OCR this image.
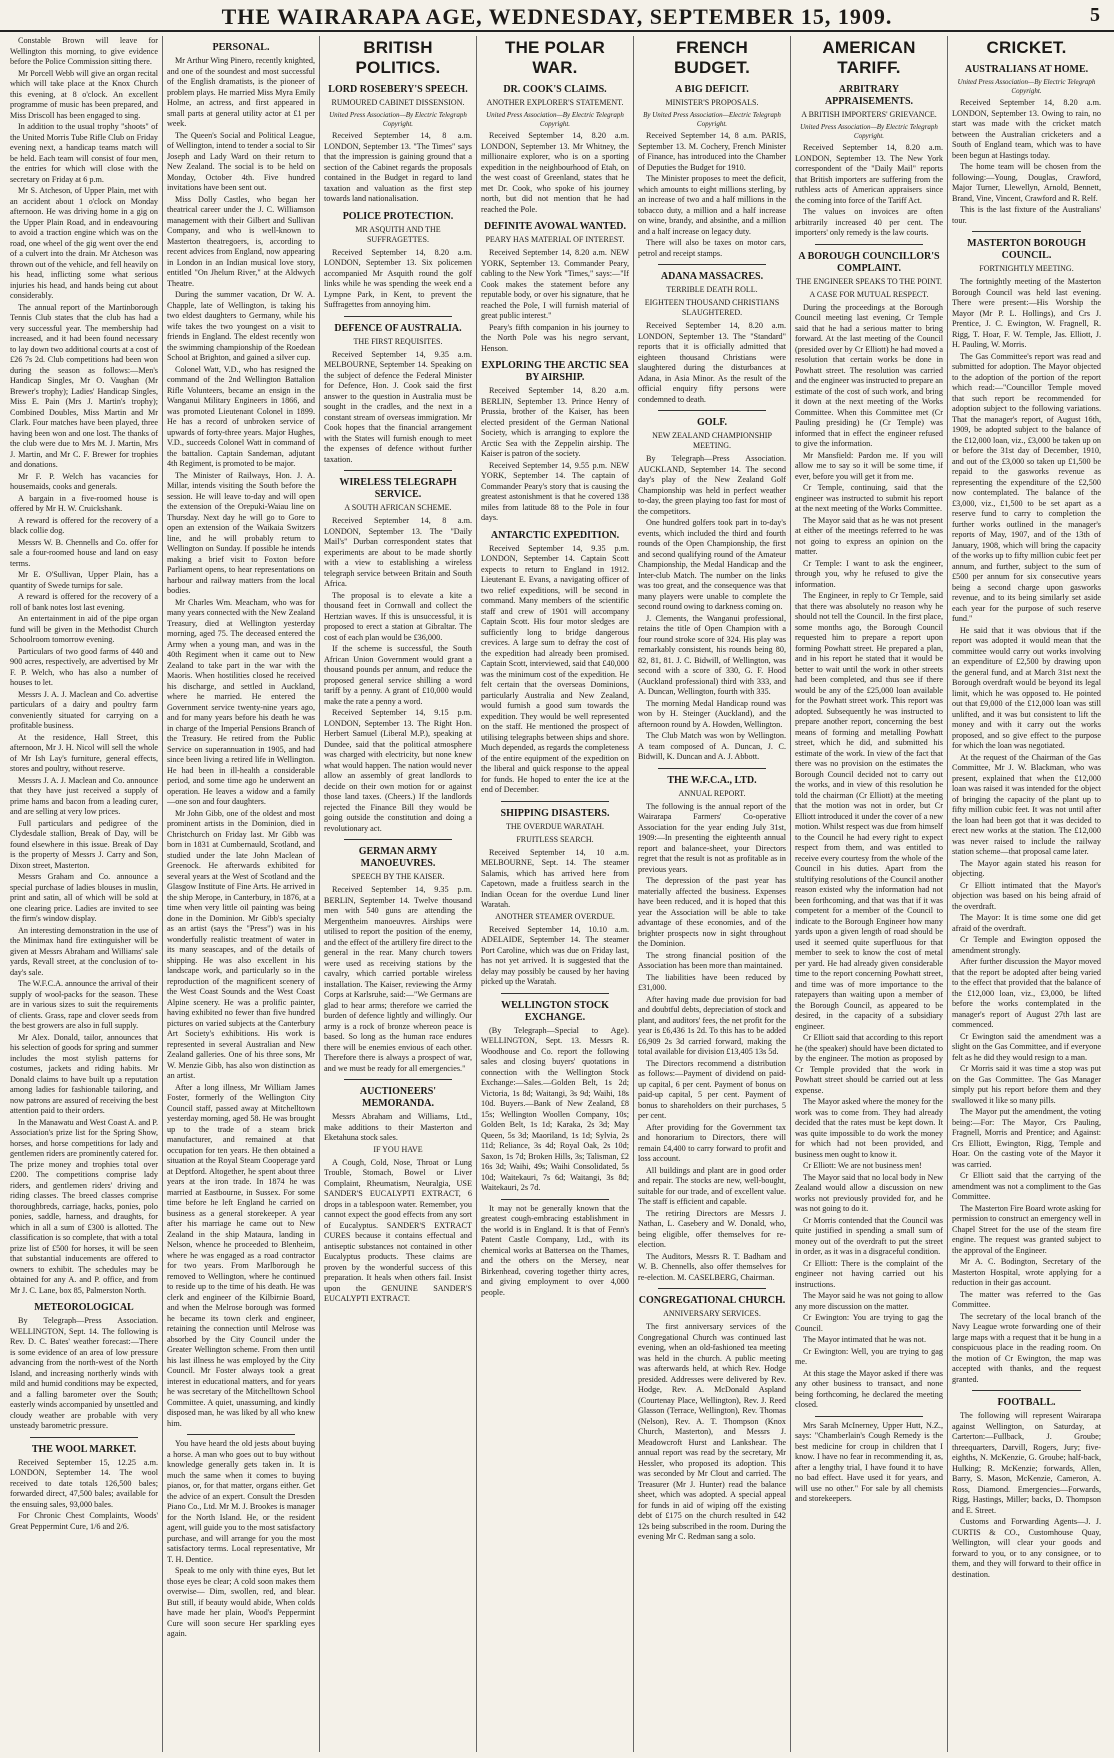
THE WAIRARAPA AGE, WEDNESDAY, SEPTEMBER 15, 1909.	5

Constable Brown will leave for Wellington this morning, to give evidence before the Police Commission sitting there.

Mr Porcell Webb will give an organ recital which will take place at the Knox Church this evening, at 8 o'clock. An excellent programme of music has been prepared, and Miss Driscoll has been engaged to sing.

In addition to the usual trophy "shoots" of the United Morris Tube Rifle Club on Friday evening next, a handicap teams match will be held. Each team will consist of four men, the entries for which will close with the secretary on Friday at 6 p.m.

Mr S. Atcheson, of Upper Plain, met with an accident about 1 o'clock on Monday afternoon. He was driving home in a gig on the Upper Plain Road, and in endeavouring to avoid a traction engine which was on the road, one wheel of the gig went over the end of a culvert into the drain. Mr Atcheson was thrown out of the vehicle, and fell heavily on his head, inflicting some what serious injuries his head, and hands being cut about considerably.

The annual report of the Martinborough Tennis Club states that the club has had a very successful year. The membership had increased, and it had been found necessary to lay down two additional courts at a cost of £26 7s 2d. Club competitions had been won during the season as follows:—Men's Handicap Singles, Mr O. Vaughan (Mr Brewer's trophy); Ladies' Handicap Singles, Miss E. Pain (Mrs J. Martin's trophy); Combined Doubles, Miss Martin and Mr Clark. Four matches have been played, three having been won and one lost. The thanks of the club were due to Mrs M. J. Martin, Mrs J. Martin, and Mr C. F. Brewer for trophies and donations.

Mr F. P. Welch has vacancies for housemaids, cooks and generals.

A bargain in a five-roomed house is offered by Mr H. W. Cruickshank.

A reward is offered for the recovery of a black collie dog.

Messrs W. B. Chennells and Co. offer for sale a four-roomed house and land on easy terms.

Mr E. O'Sullivan, Upper Plain, has a quantity of Swede turnips for sale.

A reward is offered for the recovery of a roll of bank notes lost last evening.

An entertainment in aid of the pipe organ fund will be given in the Methodist Church Schoolroom tomorrow evening.

Particulars of two good farms of 440 and 900 acres, respectively, are advertised by Mr F. P. Welch, who has also a number of houses to let.

Messrs J. A. J. Maclean and Co. advertise particulars of a dairy and poultry farm conveniently situated for carrying on a profitable business.

At the residence, Hall Street, this afternoon, Mr J. H. Nicol will sell the whole of Mr Ish Lay's furniture, general effects, stores and poultry, without reserve.

Messrs J. A. J. Maclean and Co. announce that they have just received a supply of prime hams and bacon from a leading curer, and are selling at very low prices.

Full particulars and pedigree of the Clydesdale stallion, Break of Day, will be found elsewhere in this issue. Break of Day is the property of Messrs J. Carry and Son, Dixon street, Masterton.

Messrs Graham and Co. announce a special purchase of ladies blouses in muslin, print and satin, all of which will be sold at one clearing price. Ladies are invited to see the firm's window display.

An interesting demonstration in the use of the Minimax hand fire extinguisher will be given at Messrs Abraham and Williams' sale yards, Revall street, at the conclusion of to-day's sale.

The W.F.C.A. announce the arrival of their supply of wool-packs for the season. These are in various sizes to suit the requirements of clients. Grass, rape and clover seeds from the best growers are also in full supply.

Mr Alex. Donald, tailor, announces that his selection of goods for spring and summer includes the most stylish patterns for costumes, jackets and riding habits. Mr Donald claims to have built up a reputation among ladies for fashionable tailoring, and now patrons are assured of receiving the best attention paid to their orders.

In the Manawatu and West Coast A. and P. Association's prize list for the Spring Show, horses, and horse competitions for lady and gentlemen riders are prominently catered for. The prize money and trophies total over £200. The competitions comprise lady riders, and gentlemen riders' driving and riding classes. The breed classes comprise thoroughbreds, carriage, hacks, ponies, polo ponies, saddle, harness, and draughts, for which in all a sum of £300 is allotted. The classification is so complete, that with a total prize list of £500 for horses, it will be seen that substantial inducements are offered to owners to exhibit. The schedules may be obtained for any A. and P. office, and from Mr J. C. Lane, box 85, Palmerston North.

METEOROLOGICAL

By Telegraph—Press Association. WELLINGTON, Sept. 14. The following is Rev. D. C. Bates' weather forecast:—There is some evidence of an area of low pressure advancing from the north-west of the North Island, and increasing northerly winds with mild and humid conditions may be expected, and a falling barometer over the South; easterly winds accompanied by unsettled and cloudy weather are probable with very unsteady barometric pressure.

THE WOOL MARKET.

Received September 15, 12.25 a.m. LONDON, September 14. The wool received to date totals 126,500 bales; forwarded direct, 47,500 bales; available for the ensuing sales, 93,000 bales.

For Chronic Chest Complaints, Woods' Great Peppermint Cure, 1/6 and 2/6.

PERSONAL.

Mr Arthur Wing Pinero, recently knighted, and one of the soundest and most successful of the English dramatists, is the pioneer of problem plays. He married Miss Myra Emily Holme, an actress, and first appeared in small parts at general utility actor at £1 per week.

The Queen's Social and Political League, of Wellington, intend to tender a social to Sir Joseph and Lady Ward on their return to New Zealand. The social is to be held on Monday, October 4th. Five hundred invitations have been sent out.

Miss Dolly Castles, who began her theatrical career under the J. C. Williamson management with their Gilbert and Sullivan Company, and who is well-known to Masterton theatregoers, is, according to recent advices from England, now appearing in London in an Indian musical love story, entitled "On Jhelum River," at the Aldwych Theatre.

During the summer vacation, Dr W. A. Chapple, late of Wellington, is taking his two eldest daughters to Germany, while his wife takes the two youngest on a visit to friends in England. The eldest recently won the swimming championship of the Roedean School at Brighton, and gained a silver cup.

Colonel Watt, V.D., who has resigned the command of the 2nd Wellington Battalion Rifle Volunteers, became an ensign in the Wanganui Military Engineers in 1866, and was promoted Lieutenant Colonel in 1899. He has a record of unbroken service of upwards of forty-three years. Major Hughes, V.D., succeeds Colonel Watt in command of the battalion. Captain Sandeman, adjutant 4th Regiment, is promoted to be major.

The Minister of Railways, Hon. J. A. Millar, intends visiting the South before the session. He will leave to-day and will open the extension of the Orepuki-Waiau line on Thursday. Next day he will go to Gore to open an extension of the Waikaia Switzers line, and he will probably return to Wellington on Sunday. If possible he intends making a brief visit to Foxton before Parliament opens, to hear representations on harbour and railway matters from the local bodies.

Mr Charles Wm. Meacham, who was for many years connected with the New Zealand Treasury, died at Wellington yesterday morning, aged 75. The deceased entered the Army when a young man, and was in the 40th Regiment when it came out to New Zealand to take part in the war with the Maoris. When hostilities closed he received his discharge, and settled in Auckland, where he married. He entered the Government service twenty-nine years ago, and for many years before his death he was in charge of the Imperial Pensions Branch of the Treasury. He retired from the Public Service on superannuation in 1905, and had since been living a retired life in Wellington. He had been in ill-health a considerable period, and some time ago he underwent an operation. He leaves a widow and a family—one son and four daughters.

Mr John Gibb, one of the oldest and most prominent artists in the Dominion, died in Christchurch on Friday last. Mr Gibb was born in 1831 at Cumbernauld, Scotland, and studied under the late John Maclean of Greenock. He afterwards exhibited for several years at the West of Scotland and the Glasgow Institute of Fine Arts. He arrived in the ship Merope, in Canterbury, in 1876, at a time when very little oil painting was being done in the Dominion. Mr Gibb's specialty as an artist (says the "Press") was in his wonderfully realistic treatment of water in its many seascapes, and of the details of shipping. He was also excellent in his landscape work, and particularly so in the reproduction of the magnificent scenery of the West Coast Sounds and the West Coast Alpine scenery. He was a prolific painter, having exhibited no fewer than five hundred pictures on varied subjects at the Canterbury Art Society's exhibitions. His work is represented in several Australian and New Zealand galleries. One of his three sons, Mr W. Menzie Gibb, has also won distinction as an artist.

After a long illness, Mr William James Foster, formerly of the Wellington City Council staff, passed away at Mitchelltown yesterday morning, aged 58. He was brought up to the trade of a steam brick manufacturer, and remained at that occupation for ten years. He then obtained a situation at the Royal Steam Cooperage yard at Deptford. Altogether, he spent about three years at the iron trade. In 1874 he was married at Eastbourne, in Sussex. For some time before he left England he carried on business as a general storekeeper. A year after his marriage he came out to New Zealand in the ship Mataura, landing in Nelson, whence he proceeded to Blenheim, where he was engaged as a road contractor for two years. From Marlborough he removed to Wellington, where he continued to reside up to the time of his death. He was clerk and engineer of the Kilbirnie Board, and when the Melrose borough was formed he became its town clerk and engineer, retaining the connection until Melrose was absorbed by the City Council under the Greater Wellington scheme. From then until his last illness he was employed by the City Council. Mr Foster always took a great interest in educational matters, and for years he was secretary of the Mitchelltown School Committee. A quiet, unassuming, and kindly disposed man, he was liked by all who knew him.

You have heard the old jests about buying a horse. A man who goes out to buy without knowledge generally gets taken in. It is much the same when it comes to buying pianos, or, for that matter, organs either. Get the advice of an expert. Consult the Dresden Piano Co., Ltd. Mr M. J. Brookes is manager for the North Island. He, or the resident agent, will guide you to the most satisfactory purchase, and will arrange for you the most satisfactory terms. Local representative, Mr T. H. Dentice.

Speak to me only with thine eyes, But let those eyes be clear; A cold soon makes them overwise— Dim, swollen, red, and blear. But still, if beauty would abide, When colds have made her plain, Wood's Peppermint Cure will soon secure Her sparkling eyes again.

BRITISH POLITICS.
LORD ROSEBERY'S SPEECH.
RUMOURED CABINET DISSENSION.
United Press Association—By Electric Telegraph Copyright.

Received September 14, 8 a.m. LONDON, September 13. "The Times" says that the impression is gaining ground that a section of the Cabinet regards the proposals contained in the Budget in regard to land taxation and valuation as the first step towards land nationalisation.

POLICE PROTECTION.
MR ASQUITH AND THE SUFFRAGETTES.

Received September 14, 8.20 a.m. LONDON, September 13. Six policemen accompanied Mr Asquith round the golf links while he was spending the week end a Lympne Park, in Kent, to prevent the Suffragettes from annoying him.

DEFENCE OF AUSTRALIA.
THE FIRST REQUISITES.

Received September 14, 9.35 a.m. MELBOURNE, September 14. Speaking on the subject of defence the Federal Minister for Defence, Hon. J. Cook said the first answer to the question in Australia must be sought in the cradles, and the next in a constant stream of overseas immigration. Mr Cook hopes that the financial arrangement with the States will furnish enough to meet the expenses of defence without further taxation.

WIRELESS TELEGRAPH SERVICE.
A SOUTH AFRICAN SCHEME.

Received September 14, 8 a.m. LONDON, September 13. The "Daily Mail's" Durban correspondent states that experiments are about to be made shortly with a view to establishing a wireless telegraph service between Britain and South Africa.

The proposal is to elevate a kite a thousand feet in Cornwall and collect the Hertzian waves. If this is unsuccessful, it is proposed to erect a station at Gibraltar. The cost of each plan would be £36,000.

If the scheme is successful, the South African Union Government would grant a thousand pounds per annum, and reduce the proposed general service shilling a word tariff by a penny. A grant of £10,000 would make the rate a penny a word.

Received September 14, 9.15 p.m. LONDON, September 13. The Right Hon. Herbert Samuel (Liberal M.P.), speaking at Dundee, said that the political atmosphere was charged with electricity, but none knew what would happen. The nation would never allow an assembly of great landlords to decide on their own motion for or against those land taxes. (Cheers.) If the landlords rejected the Finance Bill they would be going outside the constitution and doing a revolutionary act.

GERMAN ARMY MANOEUVRES.
SPEECH BY THE KAISER.

Received September 14, 9.35 p.m. BERLIN, September 14. Twelve thousand men with 540 guns are attending the Mergentheim manoeuvres. Airships were utilised to report the position of the enemy, and the effect of the artillery fire direct to the general in the rear. Many church towers were used as receiving stations by the cavalry, which carried portable wireless installation. The Kaiser, reviewing the Army Corps at Karlsruhe, said:—"We Germans are glad to hear arms; therefore we carried the burden of defence lightly and willingly. Our army is a rock of bronze whereon peace is based. So long as the human race endures there will be enemies envious of each other. Therefore there is always a prospect of war, and we must be ready for all emergencies."

AUCTIONEERS' MEMORANDA.

Messrs Abraham and Williams, Ltd., make additions to their Masterton and Eketahuna stock sales.

IF YOU HAVE

A Cough, Cold, Nose, Throat or Lung Trouble, Stomach, Bowel or Liver Complaint, Rheumatism, Neuralgia, USE SANDER'S EUCALYPTI EXTRACT, 6 drops in a tablespoon water. Remember, you cannot expect the good effects from any sort of Eucalyptus. SANDER'S EXTRACT CURES because it contains effectual and antiseptic substances not contained in other Eucalyptus products. These claims are proven by the wonderful success of this preparation. It heals when others fail. Insist upon the GENUINE SANDER'S EUCALYPTI EXTRACT.

THE POLAR WAR.
DR. COOK'S CLAIMS.
ANOTHER EXPLORER'S STATEMENT.
United Press Association—By Electric Telegraph Copyright.

Received September 14, 8.20 a.m. LONDON, September 13. Mr Whitney, the millionaire explorer, who is on a sporting expedition in the neighbourhood of Etah, on the west coast of Greenland, states that he met Dr. Cook, who spoke of his journey north, but did not mention that he had reached the Pole.

DEFINITE AVOWAL WANTED.
PEARY HAS MATERIAL OF INTEREST.

Received September 14, 8.20 a.m. NEW YORK, September 13. Commander Peary, cabling to the New York "Times," says:—"If Cook makes the statement before any reputable body, or over his signature, that he reached the Pole, I will furnish material of great public interest."

Peary's fifth companion in his journey to the North Pole was his negro servant, Henson.

EXPLORING THE ARCTIC SEA BY AIRSHIP.

Received September 14, 8.20 a.m. BERLIN, September 13. Prince Henry of Prussia, brother of the Kaiser, has been elected president of the German National Society, which is arranging to explore the Arctic Sea with the Zeppelin airship. The Kaiser is patron of the society.

Received September 14, 9.55 p.m. NEW YORK, September 14. The captain of Commander Peary's story that is causing the greatest astonishment is that he covered 138 miles from latitude 88 to the Pole in four days.

ANTARCTIC EXPEDITION.

Received September 14, 9.35 p.m. LONDON, September 14. Captain Scott expects to return to England in 1912. Lieutenant E. Evans, a navigating officer of two relief expeditions, will be second in command. Many members of the scientific staff and crew of 1901 will accompany Captain Scott. His four motor sledges are sufficiently long to bridge dangerous crevices. A large sum to defray the cost of the expedition had already been promised. Captain Scott, interviewed, said that £40,000 was the minimum cost of the expedition. He felt certain that the overseas Dominions, particularly Australia and New Zealand, would furnish a good sum towards the expedition. They would be well represented on the staff. He mentioned the prospect of utilising telegraphs between ships and shore. Much depended, as regards the completeness of the entire equipment of the expedition on the liberal and quick response to the appeal for funds. He hoped to enter the ice at the end of December.

SHIPPING DISASTERS.
THE OVERDUE WARATAH.
FRUITLESS SEARCH.

Received September 14, 10 a.m. MELBOURNE, Sept. 14. The steamer Salamis, which has arrived here from Capetown, made a fruitless search in the Indian Ocean for the overdue Lund liner Waratah.

ANOTHER STEAMER OVERDUE.

Received September 14, 10.10 a.m. ADELAIDE, September 14. The steamer Port Caroline, which was due on Friday last, has not yet arrived. It is suggested that the delay may possibly be caused by her having picked up the Waratah.

WELLINGTON STOCK EXCHANGE.

(By Telegraph—Special to Age). WELLINGTON, Sept. 13. Messrs R. Woodhouse and Co. report the following sales and closing buyers' quotations in connection with the Wellington Stock Exchange:—Sales.—Golden Belt, 1s 2d; Victoria, 1s 8d; Waitangi, 3s 9d; Waihi, 18s 10d. Buyers.—Bank of New Zealand, £8 15s; Wellington Woollen Company, 10s; Golden Belt, 1s 1d; Karaka, 2s 3d; May Queen, 5s 3d; Maoriland, 1s 1d; Sylvia, 2s 11d; Reliance, 3s 4d; Royal Oak, 2s 10d; Saxon, 1s 7d; Broken Hills, 3s; Talisman, £2 16s 3d; Waihi, 49s; Waihi Consolidated, 5s 10d; Waitekauri, 7s 6d; Waitangi, 3s 8d; Waitekauri, 2s 7d.

It may not be generally known that the greatest cough-embracing establishment in the world is in England. It is that of Fenn's Patent Castle Company, Ltd., with its chemical works at Battersea on the Thames, and the others on the Mersey, near Birkenhead, covering together thirty acres, and giving employment to over 4,000 people.

FRENCH BUDGET.
A BIG DEFICIT.
MINISTER'S PROPOSALS.
By United Press Association—Electric Telegraph Copyright.

Received September 14, 8 a.m. PARIS, September 13. M. Cochery, French Minister of Finance, has introduced into the Chamber of Deputies the Budget for 1910.

The Minister proposes to meet the deficit, which amounts to eight millions sterling, by an increase of two and a half millions in the tobacco duty, a million and a half increase on wine, brandy, and absinthe, and a million and a half increase on legacy duty.

There will also be taxes on motor cars, petrol and receipt stamps.

ADANA MASSACRES.
TERRIBLE DEATH ROLL.
EIGHTEEN THOUSAND CHRISTIANS SLAUGHTERED.

Received September 14, 8.20 a.m. LONDON, September 13. The "Standard" reports that it is officially admitted that eighteen thousand Christians were slaughtered during the disturbances at Adana, in Asia Minor. As the result of the official enquiry fifty persons were condemned to death.

GOLF.
NEW ZEALAND CHAMPIONSHIP MEETING.

By Telegraph—Press Association. AUCKLAND, September 14. The second day's play of the New Zealand Golf Championship was held in perfect weather to-day, the green playing too fast for most of the competitors.

One hundred golfers took part in to-day's events, which included the third and fourth rounds of the Open Championship, the first and second qualifying round of the Amateur Championship, the Medal Handicap and the Inter-club Match. The number on the links was too great, and the consequence was that many players were unable to complete the second round owing to darkness coming on.

J. Clements, the Wanganui professional, retains the title of Open Champion with a four round stroke score of 324. His play was remarkably consistent, his rounds being 80, 82, 81, 81. J. C. Bidwill, of Wellington, was second with a score of 330, G. F. Hood (Auckland professional) third with 333, and A. Duncan, Wellington, fourth with 335.

The morning Medal Handicap round was won by H. Steinger (Auckland), and the afternoon round by A. Howden, Wellington.

The Club Match was won by Wellington. A team composed of A. Duncan, J. C. Bidwill, K. Duncan and A. J. Abbott.

THE W.F.C.A., LTD.
ANNUAL REPORT.

The following is the annual report of the Wairarapa Farmers' Co-operative Association for the year ending July 31st, 1909:—In presenting the eighteenth annual report and balance-sheet, your Directors regret that the result is not as profitable as in previous years.

The depression of the past year has materially affected the business. Expenses have been reduced, and it is hoped that this year the Association will be able to take advantage of these economies, and of the brighter prospects now in sight throughout the Dominion.

The strong financial position of the Association has been more than maintained.

The liabilities have been reduced by £31,000.

After having made due provision for bad and doubtful debts, depreciation of stock and plant, and auditors' fees, the net profit for the year is £6,436 1s 2d. To this has to be added £6,909 2s 3d carried forward, making the total available for division £13,405 13s 5d.

The Directors recommend a distribution as follows:—Payment of dividend on paid-up capital, 6 per cent. Payment of bonus on paid-up capital, 5 per cent. Payment of bonus to shareholders on their purchases, 5 per cent.

After providing for the Government tax and honorarium to Directors, there will remain £4,400 to carry forward to profit and loss account.

All buildings and plant are in good order and repair. The stocks are new, well-bought, suitable for our trade, and of excellent value. The staff is efficient and capable.

The retiring Directors are Messrs J. Nathan, L. Casebery and W. Donald, who, being eligible, offer themselves for re-election.

The Auditors, Messrs R. T. Badham and W. B. Chennells, also offer themselves for re-election. M. CASELBERG, Chairman.

CONGREGATIONAL CHURCH.
ANNIVERSARY SERVICES.

The first anniversary services of the Congregational Church was continued last evening, when an old-fashioned tea meeting was held in the church. A public meeting was afterwards held, at which Rev. Hodge presided. Addresses were delivered by Rev. Hodge, Rev. A. McDonald Aspland (Courtenay Place, Wellington), Rev. J. Reed Glasson (Terrace, Wellington), Rev. Thomas (Nelson), Rev. A. T. Thompson (Knox Church, Masterton), and Messrs J. Meadowcroft Hurst and Lankshear. The annual report was read by the secretary, Mr Hessler, who proposed its adoption. This was seconded by Mr Clout and carried. The Treasurer (Mr J. Hunter) read the balance sheet, which was adopted. A special appeal for funds in aid of wiping off the existing debt of £175 on the church resulted in £42 12s being subscribed in the room. During the evening Mr C. Redman sang a solo.

AMERICAN TARIFF.
ARBITRARY APPRAISEMENTS.
A BRITISH IMPORTERS' GRIEVANCE.
United Press Association—By Electric Telegraph Copyright.

Received September 14, 8.20 a.m. LONDON, September 13. The New York correspondent of the "Daily Mail" reports that British importers are suffering from the ruthless acts of American appraisers since the coming into force of the Tariff Act.

The values on invoices are often arbitrarily increased 40 per cent. The importers' only remedy is the law courts.

A BOROUGH COUNCILLOR'S COMPLAINT.
THE ENGINEER SPEAKS TO THE POINT.
A CASE FOR MUTUAL RESPECT.

During the proceedings at the Borough Council meeting last evening, Cr Temple said that he had a serious matter to bring forward. At the last meeting of the Council (presided over by Cr Elliott) he had moved a resolution that certain works be done in Powhatt street. The resolution was carried and the engineer was instructed to prepare an estimate of the cost of such work, and bring it down at the next meeting of the Works Committee. When this Committee met (Cr Pauling presiding) he (Cr Temple) was informed that in effect the engineer refused to give the information.

Mr Mansfield: Pardon me. If you will allow me to say so it will be some time, if ever, before you will get it from me.

Cr Temple, continuing, said that the engineer was instructed to submit his report at the next meeting of the Works Committee.

The Mayor said that as he was not present at either of the meetings referred to he was not going to express an opinion on the matter.

Cr Temple: I want to ask the engineer, through you, why he refused to give the information.

The Engineer, in reply to Cr Temple, said that there was absolutely no reason why he should not tell the Council. In the first place, some months ago, the Borough Council requested him to prepare a report upon forming Powhatt street. He prepared a plan, and in his report he stated that it would be better to wait until the work in other streets had been completed, and thus see if there would be any of the £25,000 loan available for the Powhatt street work. This report was adopted. Subsequently he was instructed to prepare another report, concerning the best means of forming and metalling Powhatt street, which he did, and submitted his estimate of the work. In view of the fact that there was no provision on the estimates the Borough Council decided not to carry out the works, and in view of this resolution he told the chairman (Cr Elliott) at the meeting that the motion was not in order, but Cr Elliott introduced it under the cover of a new motion. Whilst respect was due from himself to the Council he had every right to expect respect from them, and was entitled to receive every courtesy from the whole of the Council in his duties. Apart from the stultifying resolutions of the Council another reason existed why the information had not been forthcoming, and that was that if it was competent for a member of the Council to indicate to the Borough Engineer how many yards upon a given length of road should be used it seemed quite superfluous for that member to seek to know the cost of metal per yard. He had already given considerable time to the report concerning Powhatt street, and time was of more importance to the ratepayers than waiting upon a member of the Borough Council, as appeared to be desired, in the capacity of a subsidiary engineer.

Cr Elliott said that according to this report he (the speaker) should have been dictated to by the engineer. The motion as proposed by Cr Temple provided that the work in Powhatt street should be carried out at less expense.

The Mayor asked where the money for the work was to come from. They had already decided that the rates must be kept down. It was quite impossible to do work the money for which had not been provided, and business men ought to know it.

Cr Elliott: We are not business men!

The Mayor said that no local body in New Zealand would allow a discussion on new works not previously provided for, and he was not going to do it.

Cr Morris contended that the Council was quite justified in spending a small sum of money out of the overdraft to put the street in order, as it was in a disgraceful condition.

Cr Elliott: There is the complaint of the engineer not having carried out his instructions.

The Mayor said he was not going to allow any more discussion on the matter.

Cr Ewington: You are trying to gag the Council.

The Mayor intimated that he was not.

Cr Ewington: Well, you are trying to gag me.

At this stage the Mayor asked if there was any other business to transact, and none being forthcoming, he declared the meeting closed.

Mrs Sarah McInerney, Upper Hutt, N.Z., says: "Chamberlain's Cough Remedy is the best medicine for croup in children that I know. I have no fear in recommending it, as, after a lengthy trial, I have found it to have no bad effect. Have used it for years, and will use no other." For sale by all chemists and storekeepers.

CRICKET.
AUSTRALIANS AT HOME.
United Press Association—By Electric Telegraph Copyright.

Received September 14, 8.20 a.m. LONDON, September 13. Owing to rain, no start was made with the cricket match between the Australian cricketers and a South of England team, which was to have been begun at Hastings today.

The home team will be chosen from the following:—Young, Douglas, Crawford, Major Turner, Llewellyn, Arnold, Bennett, Brand, Vine, Vincent, Crawford and R. Relf.

This is the last fixture of the Australians' tour.

MASTERTON BOROUGH COUNCIL.
FORTNIGHTLY MEETING.

The fortnightly meeting of the Masterton Borough Council was held last evening. There were present:—His Worship the Mayor (Mr P. L. Hollings), and Crs J. Prentice, J. C. Ewington, W. Fragnell, R. Rigg, T. Hoar, F. W. Temple, Jas. Elliott, J. H. Pauling, W. Morris.

The Gas Committee's report was read and submitted for adoption. The Mayor objected to the adoption of the portion of the report which read:—"Councillor Temple moved that such report be recommended for adoption subject to the following variations. That the manager's report, of August 16th, 1909, be adopted subject to the balance of the £12,000 loan, viz., £3,000 be taken up on or before the 31st day of December, 1910, and out of the £3,000 so taken up £1,500 be repaid to the gasworks revenue as representing the expenditure of the £2,500 now contemplated. The balance of the £3,000, viz., £1,500 to be set apart as a reserve fund to carry to completion the further works outlined in the manager's reports of May, 1907, and of the 13th of January, 1908, which will bring the capacity of the works up to fifty million cubic feet per annum, and further, subject to the sum of £500 per annum for six consecutive years being a second charge upon gasworks revenue, and to its being similarly set aside each year for the purpose of such reserve fund."

He said that it was obvious that if the report was adopted it would mean that the committee would carry out works involving an expenditure of £2,500 by drawing upon the general fund, and at March 31st next the Borough overdraft would be beyond its legal limit, which he was opposed to. He pointed out that £9,000 of the £12,000 loan was still unlifted, and it was but consistent to lift the money and with it carry out the works proposed, and so give effect to the purpose for which the loan was negotiated.

At the request of the Chairman of the Gas Committee, Mr J. W. Blackman, who was present, explained that when the £12,000 loan was raised it was intended for the object of bringing the capacity of the plant up to fifty million cubic feet. It was not until after the loan had been got that it was decided to erect new works at the station. The £12,000 was never raised to include the railway station scheme—that proposal came later.

The Mayor again stated his reason for objecting.

Cr Elliott intimated that the Mayor's objection was based on his being afraid of the overdraft.

The Mayor: It is time some one did get afraid of the overdraft.

Cr Temple and Ewington opposed the amendment strongly.

After further discussion the Mayor moved that the report be adopted after being varied to the effect that provided that the balance of the £12,000 loan, viz., £3,000, be lifted before the works contemplated in the manager's report of August 27th last are commenced.

Cr Ewington said the amendment was a slight on the Gas Committee, and if everyone felt as he did they would resign to a man.

Cr Morris said it was time a stop was put on the Gas Committee. The Gas Manager simply put his report before them and they swallowed it like so many pills.

The Mayor put the amendment, the voting being:—For: The Mayor, Crs Pauling, Fragnell, Morris and Prentice; and Against: Crs Elliott, Ewington, Rigg, Temple and Hoar. On the casting vote of the Mayor it was carried.

Cr Elliott said that the carrying of the amendment was not a compliment to the Gas Committee.

The Masterton Fire Board wrote asking for permission to construct an emergency well in Chapel Street for the use of the steam fire engine. The request was granted subject to the approval of the Engineer.

Mr A. C. Bodington, Secretary of the Masterton Hospital, wrote applying for a reduction in their gas account.

The matter was referred to the Gas Committee.

The secretary of the local branch of the Navy League wrote forwarding one of their large maps with a request that it be hung in a conspicuous place in the reading room. On the motion of Cr Ewington, the map was accepted with thanks, and the request granted.

FOOTBALL.

The following will represent Wairarapa against Wellington, on Saturday, at Carterton:—Fullback, J. Groube; threequarters, Darvill, Rogers, Jury; five-eighths, N. McKenzie, G. Groube; half-back, Hulking; R. McKenzie; forwards, Allen, Barry, S. Mason, McKenzie, Cameron, A. Ross, Diamond. Emergencies—Forwards, Rigg, Hastings, Miller; backs, D. Thompson and E. Street.

Customs and Forwarding Agents—J. J. CURTIS & CO., Customhouse Quay, Wellington, will clear your goods and forward to you, or to any consignee, or to them, and they will forward to their office in destination.
